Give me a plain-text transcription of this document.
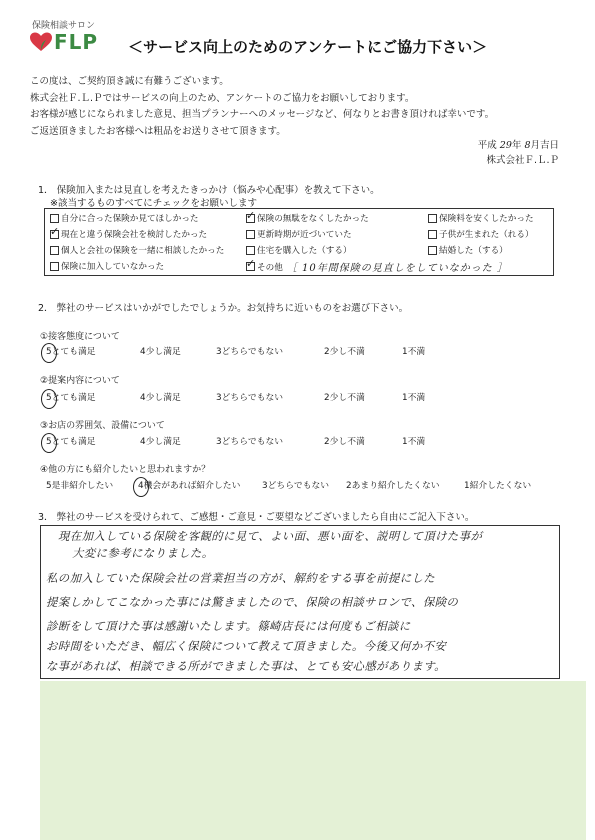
保険相談サロン
FLP ＜サービス向上のためのアンケートにご協力下さい＞
この度は、ご契約頂き誠に有難うございます。
株式会社Ｆ.Ｌ.Ｐではサービスの向上のため、アンケートのご協力をお願いしております。
お客様が感じになられました意見、担当プランナーへのメッセージなど、何なりとお書き頂ければ幸いです。
ご返送頂きましたお客様へは粗品をお送りさせて頂きます。
平成 29年 8月吉日
株式会社Ｆ.Ｌ.Ｐ
1． 保険加入または見直しを考えたきっかけ（悩みや心配事）を教えて下さい。
※該当するものすべてにチェックをお願いします
自分に合った保険か見てほしかった ✓	保険の無駄をなくしたかった	保険料を安くしたかった
✓
現在と違う保険会社を検討したかった	更新時期が近づいていた	子供が生まれた（れる）
個人と会社の保険を一緒に相談したかった	住宅を購入した（する）	結婚した（する）
保険に加入していなかった ✓	その他 ［ 10年間保険の見直しをしていなかった ］
2． 弊社のサービスはいかがでしたでしょうか。お気持ちに近いものをお選び下さい。
①接客態度について
5とても満足	4少し満足	3どちらでもない	2少し不満	1不満
②提案内容について
5とても満足	4少し満足	3どちらでもない	2少し不満	1不満
③お店の雰囲気、設備について
5とても満足	4少し満足	3どちらでもない	2少し不満	1不満
④他の方にも紹介したいと思われますか？
5是非紹介したい	4機会があれば紹介したい 3どちらでもない 2あまり紹介したくない	1紹介したくない
3． 弊社のサービスを受けられて、ご感想・ご意見・ご要望などございましたら自由にご記入下さい。
現在加入している保険を客観的に見て、よい面、悪い面を、説明して頂けた事が
大変に参考になりました。
私の加入していた保険会社の営業担当の方が、解約をする事を前提にした
提案しかしてこなかった事には驚きましたので、保険の相談サロンで、保険の
診断をして頂けた事は感謝いたします。篠崎店長には何度もご相談に
お時間をいただき、幅広く保険について教えて頂きました。今後又何か不安
な事があれば、相談できる所ができました事は、とても安心感があります。
